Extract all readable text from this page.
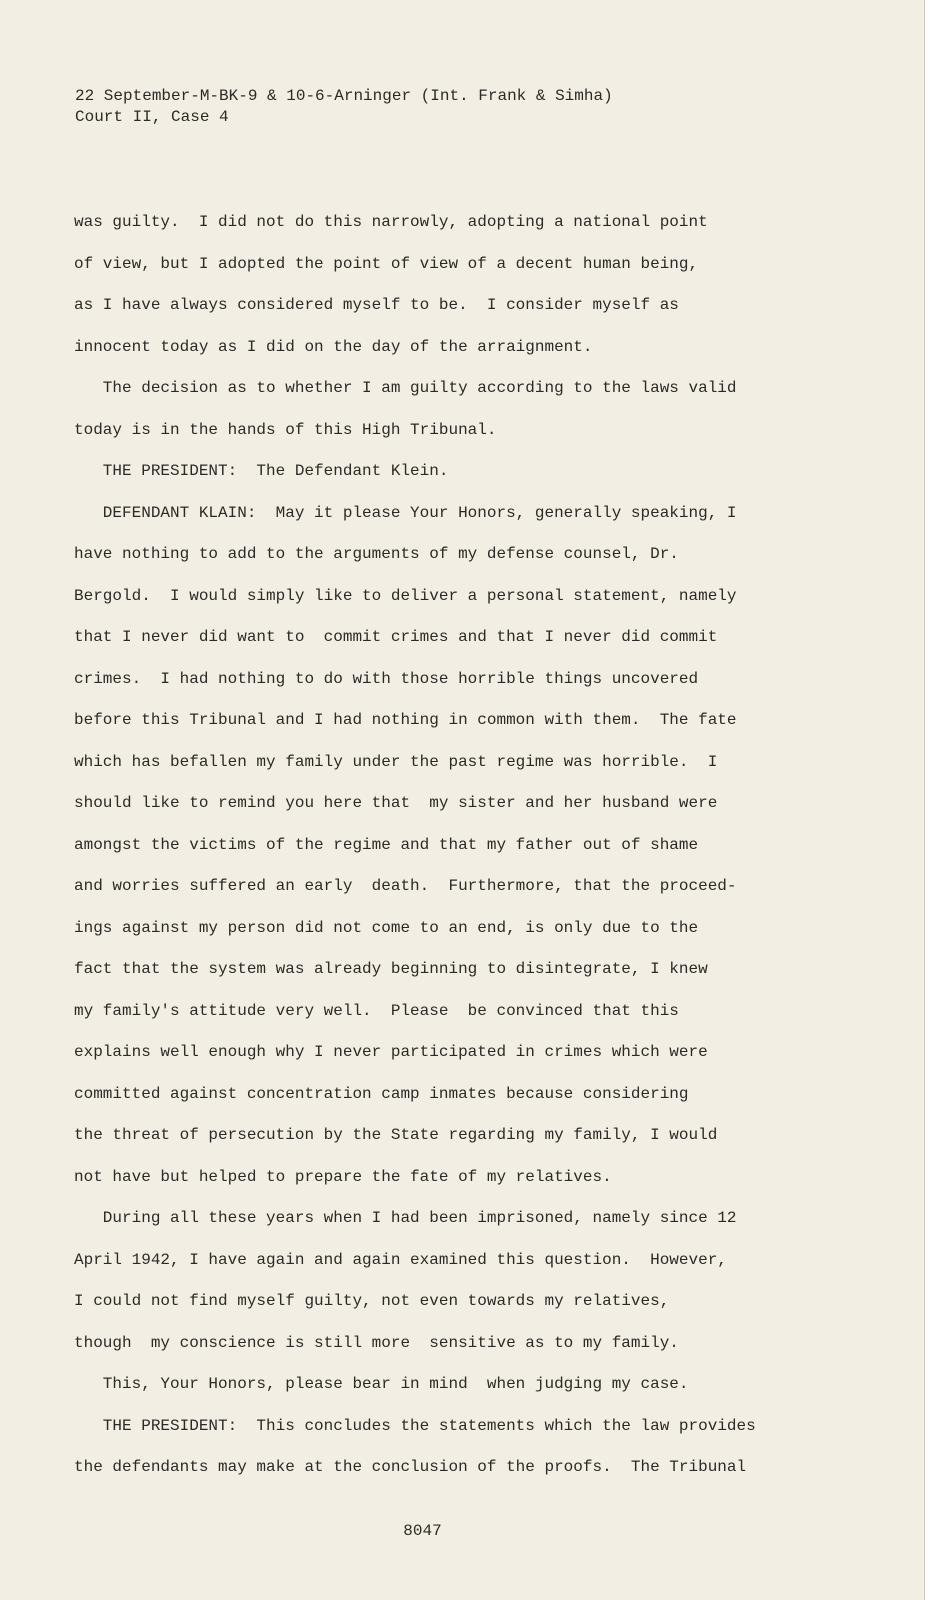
22 September-M-BK-9 & 10-6-Arninger (Int. Frank & Simha)
Court II, Case 4
was guilty.  I did not do this narrowly, adopting a national point
of view, but I adopted the point of view of a decent human being,
as I have always considered myself to be.  I consider myself as
innocent today as I did on the day of the arraignment.
The decision as to whether I am guilty according to the laws valid
today is in the hands of this High Tribunal.
THE PRESIDENT:  The Defendant Klein.
DEFENDANT KLAIN:  May it please Your Honors, generally speaking, I
have nothing to add to the arguments of my defense counsel, Dr.
Bergold.  I would simply like to deliver a personal statement, namely
that I never did want to  commit crimes and that I never did commit
crimes.  I had nothing to do with those horrible things uncovered
before this Tribunal and I had nothing in common with them.  The fate
which has befallen my family under the past regime was horrible.  I
should like to remind you here that  my sister and her husband were
amongst the victims of the regime and that my father out of shame
and worries suffered an early  death.  Furthermore, that the proceed-
ings against my person did not come to an end, is only due to the
fact that the system was already beginning to disintegrate, I knew
my family's attitude very well.  Please  be convinced that this
explains well enough why I never participated in crimes which were
committed against concentration camp inmates because considering
the threat of persecution by the State regarding my family, I would
not have but helped to prepare the fate of my relatives.
During all these years when I had been imprisoned, namely since 12
April 1942, I have again and again examined this question.  However,
I could not find myself guilty, not even towards my relatives,
though  my conscience is still more  sensitive as to my family.
This, Your Honors, please bear in mind  when judging my case.
THE PRESIDENT:  This concludes the statements which the law provides
the defendants may make at the conclusion of the proofs.  The Tribunal
8047
